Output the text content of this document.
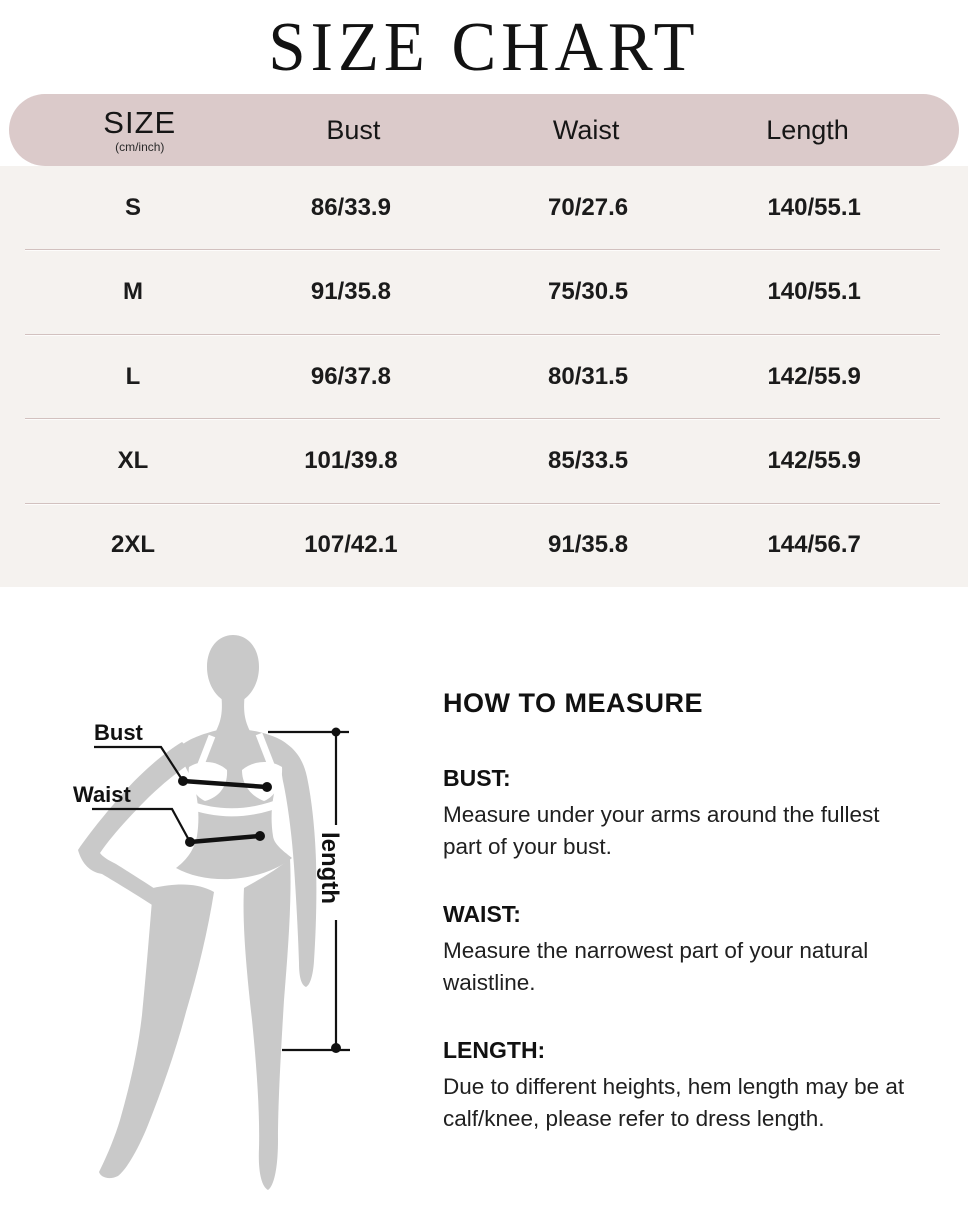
SIZE CHART
SIZE
(cm/inch)
Bust	Waist	Length
S	86/33.9	70/27.6	140/55.1
M	91/35.8	75/30.5	140/55.1
L	96/37.8	80/31.5	142/55.9
XL	101/39.8	85/33.5	142/55.9
2XL	107/42.1	91/35.8	144/56.7
Bust
Waist
length
HOW TO MEASURE
BUST:
Measure under your arms around the fullest part of your bust.
WAIST:
Measure the narrowest part of your natural waistline.
LENGTH:
Due to different heights, hem length may be at calf/knee, please refer to dress length.
